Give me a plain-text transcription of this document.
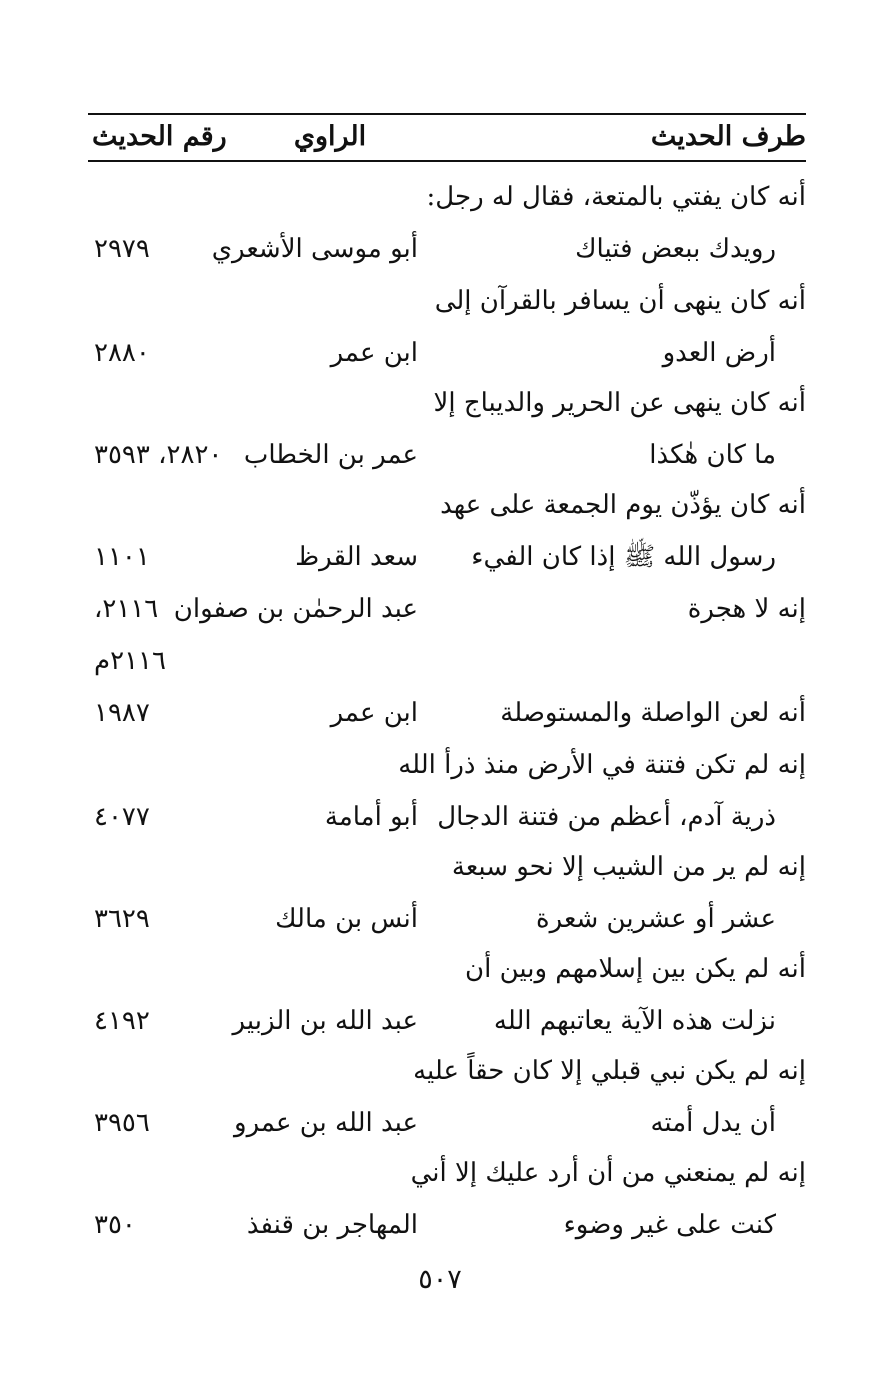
طرف الحديث
الراوي
رقم الحديث
أنه كان يفتي بالمتعة، فقال له رجل:
رويدك ببعض فتياك
أبو موسى الأشعري
٢٩٧٩
أنه كان ينهى أن يسافر بالقرآن إلى
أرض العدو
ابن عمر
٢٨٨٠
أنه كان ينهى عن الحرير والديباج إلا
ما كان هٰكذا
عمر بن الخطاب
٢٨٢٠، ٣٥٩٣
أنه كان يؤذّن يوم الجمعة على عهد
رسول الله ﷺ إذا كان الفيء
سعد القرظ
١١٠١
إنه لا هجرة
عبد الرحمٰن بن صفوان
٢١١٦،
٢١١٦م
أنه لعن الواصلة والمستوصلة
ابن عمر
١٩٨٧
إنه لم تكن فتنة في الأرض منذ ذرأ الله
ذرية آدم، أعظم من فتنة الدجال
أبو أمامة
٤٠٧٧
إنه لم ير من الشيب إلا نحو سبعة
عشر أو عشرين شعرة
أنس بن مالك
٣٦٢٩
أنه لم يكن بين إسلامهم وبين أن
نزلت هذه الآية يعاتبهم الله
عبد الله بن الزبير
٤١٩٢
إنه لم يكن نبي قبلي إلا كان حقاً عليه
أن يدل أمته
عبد الله بن عمرو
٣٩٥٦
إنه لم يمنعني من أن أرد عليك إلا أني
كنت على غير وضوء
المهاجر بن قنفذ
٣٥٠
٥٠٧
